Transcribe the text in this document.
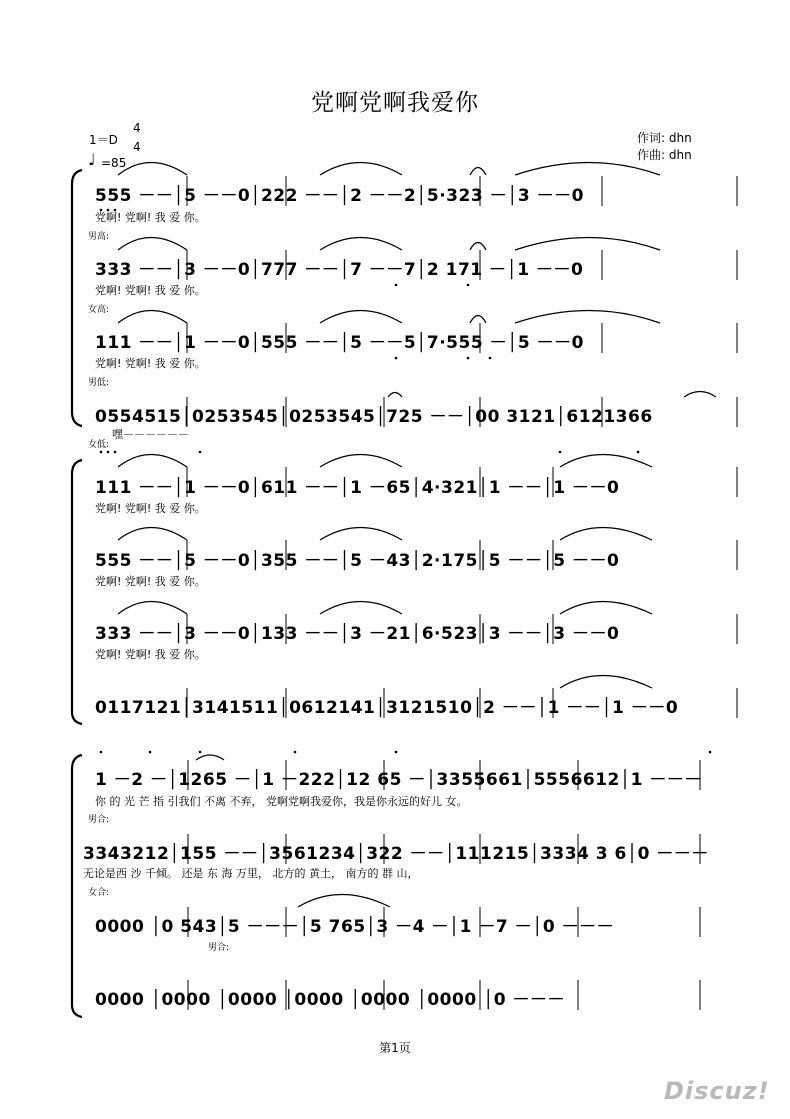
党啊党啊我爱你
1＝D
4
4
♩ =85
作词: dhn
作曲: dhn
555 －－│5 －－0│222 －－│2 －－2│5·323 －│3 －－0
党啊! 党啊! 我 爱 你。
男高:
333 －－│3 －－0│777 －－│7 －－7│2 171 －│1 －－0
党啊! 党啊! 我 爱 你。
女高:
111 －－│1 －－0│555 －－│5 －－5│7·555 －│5 －－0
党啊! 党啊! 我 爱 你。
男低:
0554515│0253545│0253545│725 －－│00 3121│6121366
嘿－－－－－－
女低:
111 －－│1 －－0│611 －－│1 －65│4·321│1 －－│1 －－0
党啊! 党啊! 我 爱 你。
555 －－│5 －－0│355 －－│5 －43│2·175│5 －－│5 －－0
党啊! 党啊! 我 爱 你。
333 －－│3 －－0│133 －－│3 －21│6·523│3 －－│3 －－0
党啊! 党啊! 我 爱 你。
0117121│3141511│0612141│3121510│2 －－│1 －－│1 －－0
1 －2 －│1265 －│1 －222│12 65 －│3355661│5556612│1 －－－
你 的 光 芒 指 引我们 不离 不弃， 党啊党啊我爱你，我是你永远的好儿 女。
男合:
3343212│155 －－│3561234│322 －－│111215│3334 3 6│0 －－－
无论是西 沙 千倾。 还是 东 海 万里， 北方的 黄土， 南方的 群 山，
女合:
0000 │0 543│5 －－－│5 765│3 －4 －│1 －7 －│0 －－－
男合:
0000 │0000 │0000 │0000 │0000 │0000 │0 －－－
第1页
Discuz!
